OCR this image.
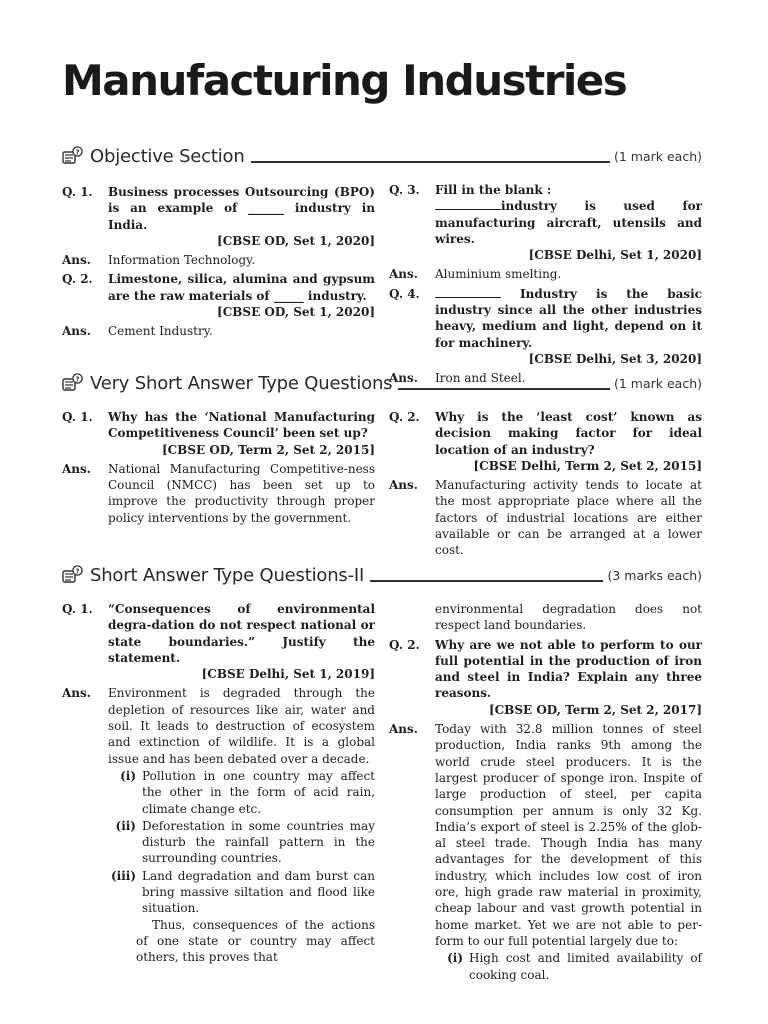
Manufacturing Industries
? Objective Section	(1 mark each)
Q. 1.	Business processes Outsourcing (BPO) is an example of ______ industry in India.
[CBSE OD, Set 1, 2020]
Ans.	Information Technology.
Q. 2.	Limestone, silica, alumina and gypsum are the raw materials of _____ industry.
[CBSE OD, Set 1, 2020]
Ans.	Cement Industry.
Q. 3.	Fill in the blank :
industry is used for manufacturing aircraft, utensils and wires.
[CBSE Delhi, Set 1, 2020]
Ans.	Aluminium smelting.
Q. 4.	Industry is the basic industry since all the other industries heavy, medium and light, depend on it for machinery.
[CBSE Delhi, Set 3, 2020]
Ans.	Iron and Steel.
? Very Short Answer Type Questions	(1 mark each)
Q. 1.	Why has the ‘National Manufacturing Competitiveness Council’ been set up?
[CBSE OD, Term 2, Set 2, 2015]
Ans.	National Manufacturing Competitive-ness Council (NMCC) has been set up to improve the productivity through proper policy interventions by the government.
Q. 2.	Why is the ‘least cost’ known as decision making factor for ideal location of an industry?
[CBSE Delhi, Term 2, Set 2, 2015]
Ans.	Manufacturing activity tends to locate at the most appropriate place where all the factors of industrial locations are either available or can be arranged at a lower cost.
? Short Answer Type Questions-II	(3 marks each)
Q. 1.	“Consequences of environmental degra-dation do not respect national or state boundaries.” Justify the statement.
[CBSE Delhi, Set 1, 2019]
Ans.	Environment is degraded through the depletion of resources like air, water and soil. It leads to destruction of ecosystem and extinction of wildlife. It is a global issue and has been debated over a decade.
(i) Pollution in one country may affect the other in the form of acid rain, climate change etc.
(ii) Deforestation in some countries may disturb the rainfall pattern in the surrounding countries.
(iii) Land degradation and dam burst can bring massive siltation and flood like situation.
Thus, consequences of the actions of one state or country may affect others, this proves that
environmental degradation does not respect land boundaries.
Q. 2.	Why are we not able to perform to our full potential in the production of iron and steel in India? Explain any three reasons.
[CBSE OD, Term 2, Set 2, 2017]
Ans.	Today with 32.8 million tonnes of steel production, India ranks 9th among the world crude steel producers. It is the largest producer of sponge iron. Inspite of large production of steel, per capita consumption per annum is only 32 Kg. India’s export of steel is 2.25% of the glob-al steel trade. Though India has many advantages for the development of this industry, which includes low cost of iron ore, high grade raw material in proximity, cheap labour and vast growth potential in home market. Yet we are not able to per-form to our full potential largely due to:
(i) High cost and limited availability of cooking coal.
